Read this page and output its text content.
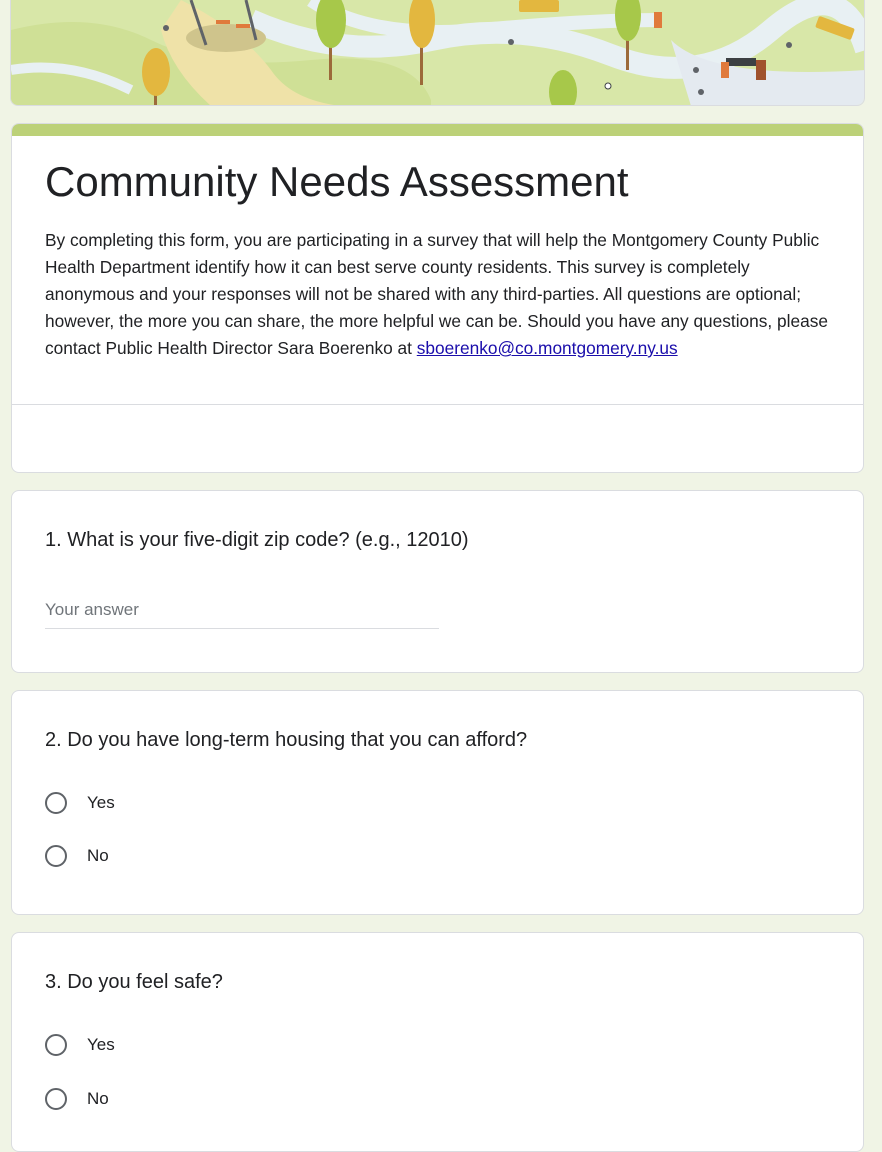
Community Needs Assessment

By completing this form, you are participating in a survey that will help the Montgomery County Public Health Department identify how it can best serve county residents. This survey is completely anonymous and your responses will not be shared with any third-parties. All questions are optional; however, the more you can share, the more helpful we can be. Should you have any questions, please contact Public Health Director Sara Boerenko at sboerenko@co.montgomery.ny.us

1. What is your five-digit zip code? (e.g., 12010)

Your answer

2. Do you have long-term housing that you can afford?

Yes
No

3. Do you feel safe?

Yes
No
